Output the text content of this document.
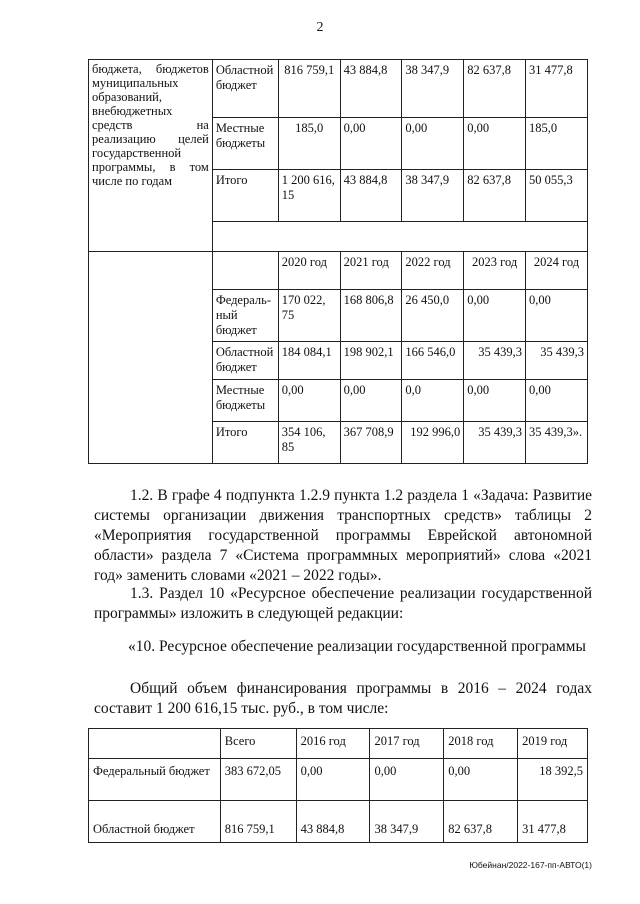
2
бюджета, бюджетов муниципальных образований, внебюджетных средств на реализацию целей государственной программы, в том числе по годам	Областной бюджет	816 759,1	43 884,8	38 347,9	82 637,8	31 477,8
	Местные бюджеты	185,0	0,00	0,00	0,00	185,0
	Итого	1 200 616, 15	43 884,8	38 347,9	82 637,8	50 055,3

		2020 год	2021 год	2022 год	2023 год	2024 год
	Федераль-ный бюджет	170 022, 75	168 806,8	26 450,0	0,00	0,00
	Областной бюджет	184 084,1	198 902,1	166 546,0	35 439,3	35 439,3
	Местные бюджеты	0,00	0,00	0,0	0,00	0,00
	Итого	354 106, 85	367 708,9	192 996,0	35 439,3	35 439,3».
1.2. В графе 4 подпункта 1.2.9 пункта 1.2 раздела 1 «Задача: Развитие системы организации движения транспортных средств» таблицы 2 «Мероприятия государственной программы Еврейской автономной области» раздела 7 «Система программных мероприятий» слова «2021 год» заменить словами «2021 – 2022 годы».
1.3. Раздел 10 «Ресурсное обеспечение реализации государственной программы» изложить в следующей редакции:
«10. Ресурсное обеспечение реализации государственной программы
Общий объем финансирования программы в 2016 – 2024 годах составит 1 200 616,15 тыс. руб., в том числе:
	Всего	2016 год	2017 год	2018 год	2019 год
Федеральный бюджет	383 672,05	0,00	0,00	0,00	18 392,5
Областной бюджет	816 759,1	43 884,8	38 347,9	82 637,8	31 477,8
Юбейнан/2022-167-пп-АВТО(1)
